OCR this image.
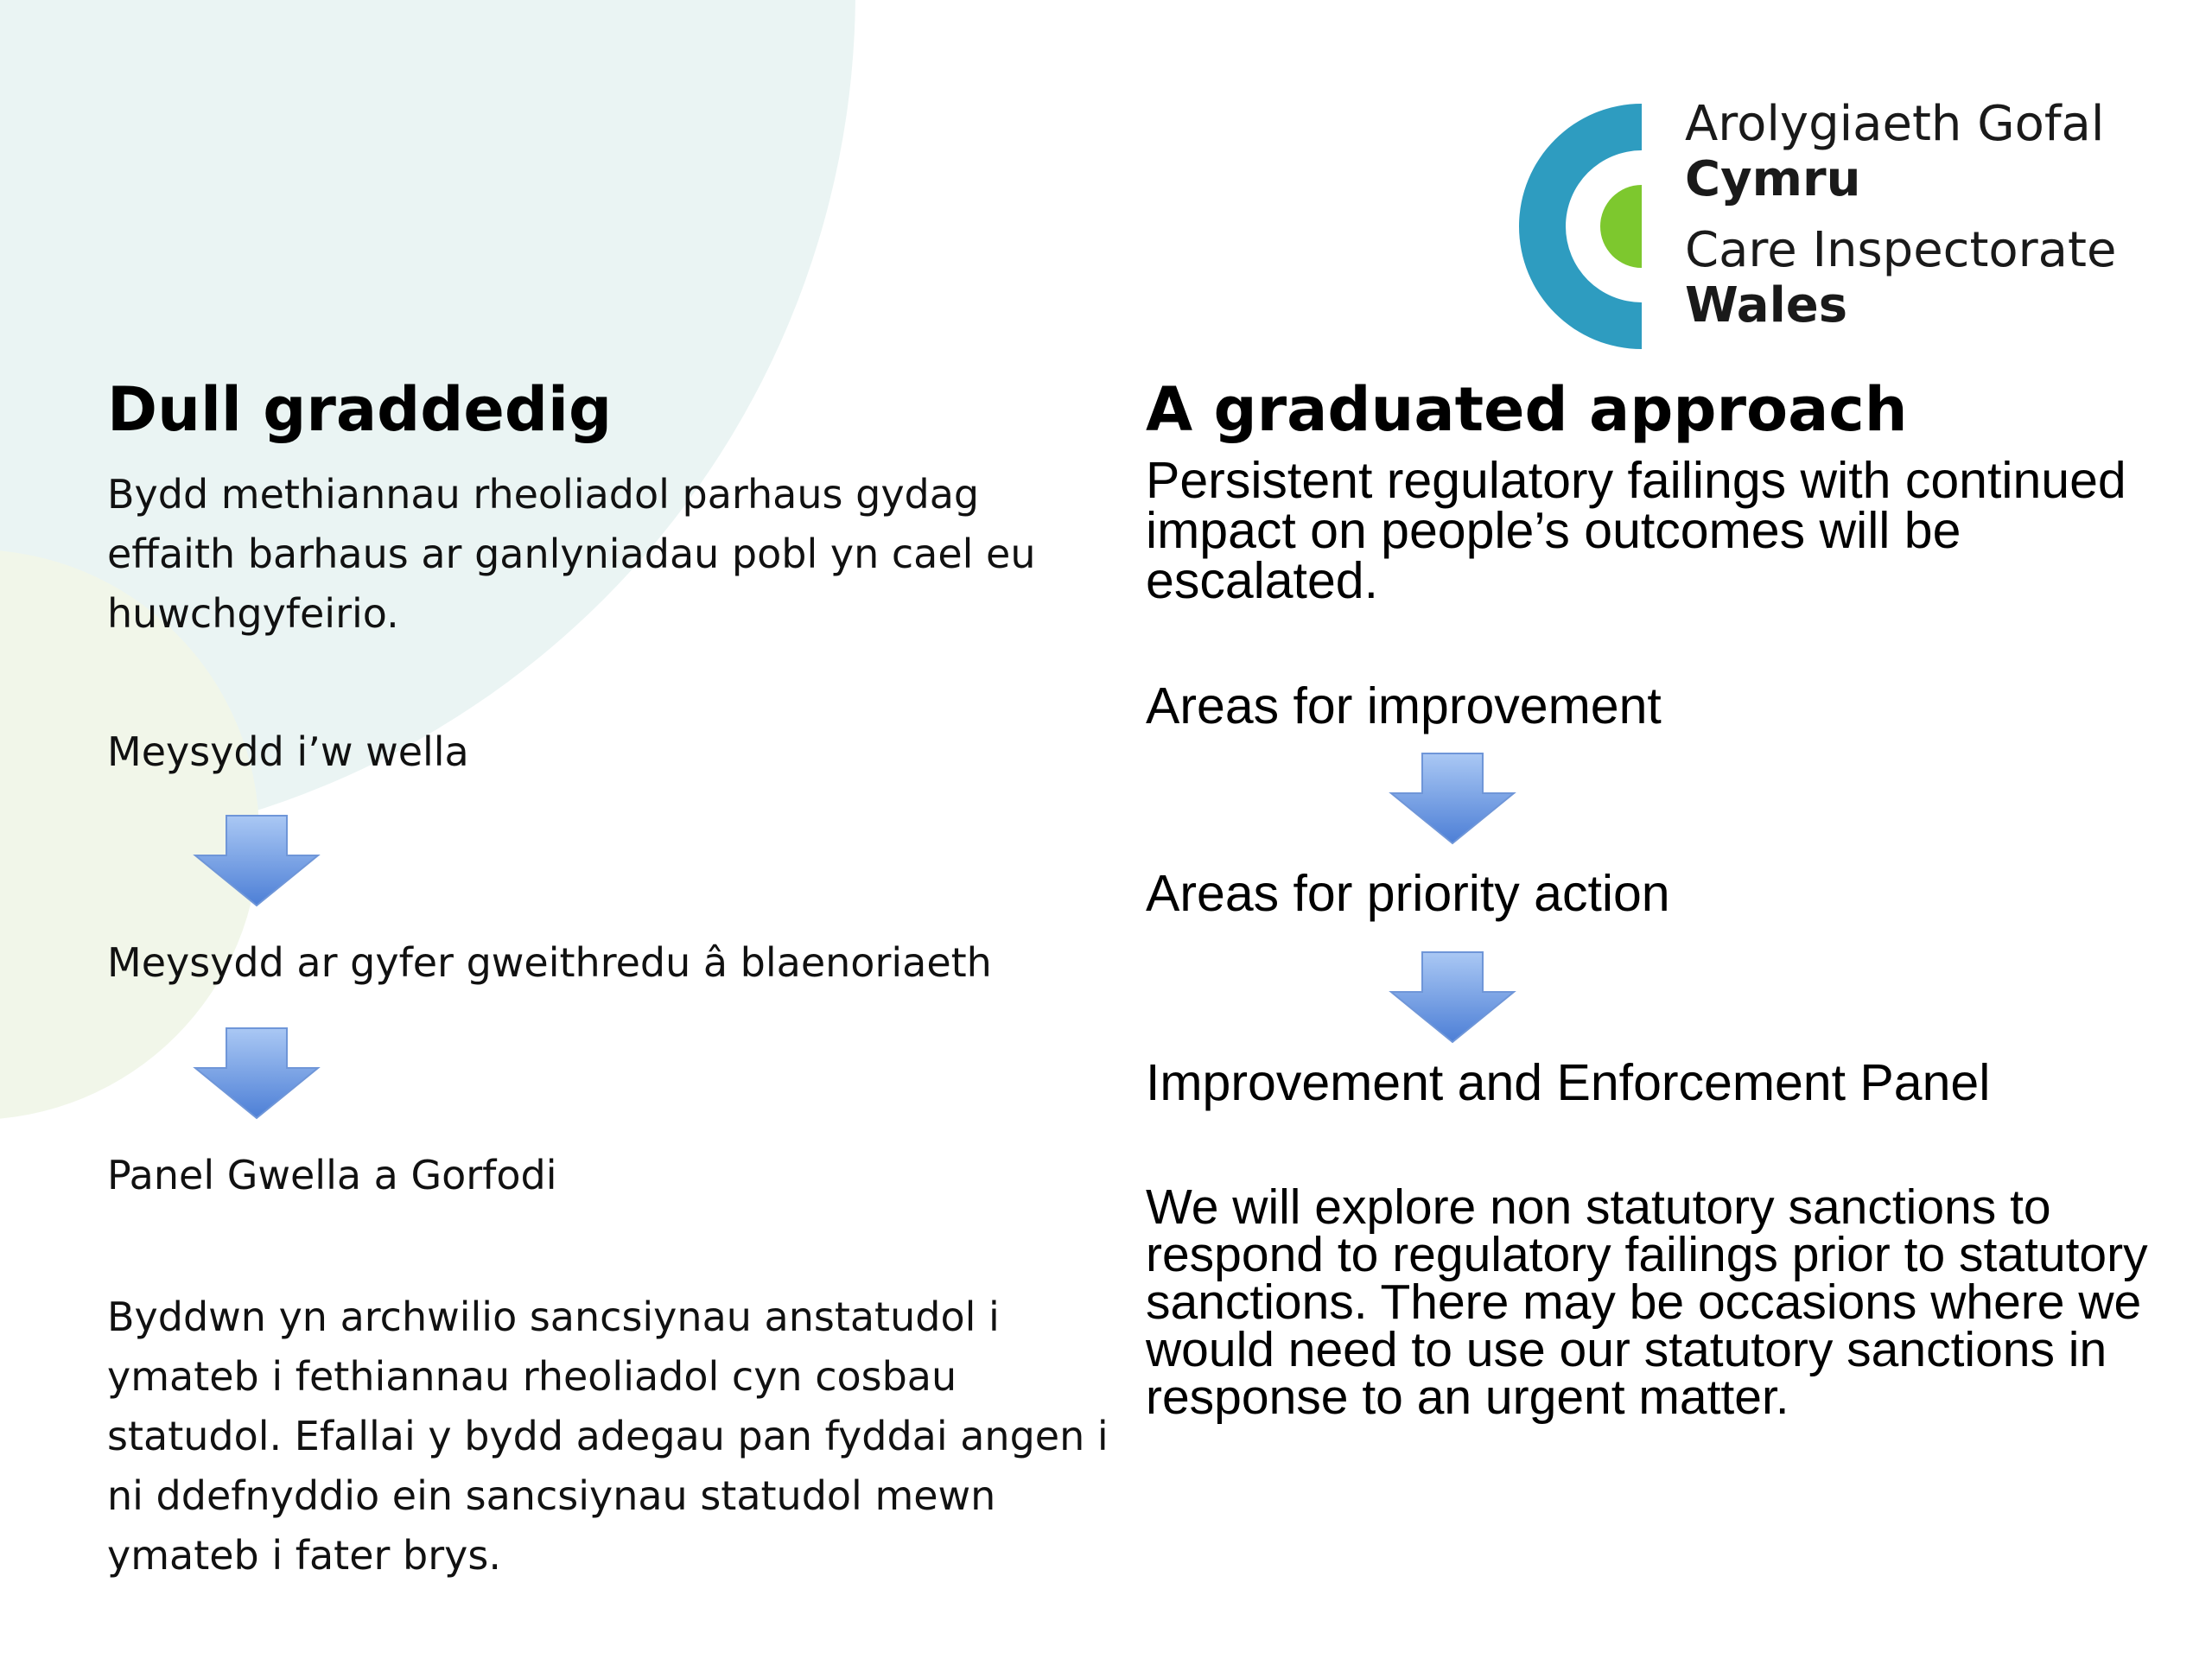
Arolygiaeth Gofal
Cymru
Care Inspectorate
Wales
Dull graddedig

Bydd methiannau rheoliadol parhaus gydag effaith barhaus ar ganlyniadau pobl yn cael eu huwchgyfeirio.

Meysydd i’w wella

Meysydd ar gyfer gweithredu â blaenoriaeth

Panel Gwella a Gorfodi

Byddwn yn archwilio sancsiynau anstatudol i ymateb i fethiannau rheoliadol cyn cosbau statudol. Efallai y bydd adegau pan fyddai angen i ni ddefnyddio ein sancsiynau statudol mewn ymateb i fater brys.

A graduated approach

Persistent regulatory failings with continued impact on people’s outcomes will be escalated.

Areas for improvement

Areas for priority action

Improvement and Enforcement Panel

We will explore non statutory sanctions to respond to regulatory failings prior to statutory sanctions. There may be occasions where we would need to use our statutory sanctions in response to an urgent matter.
